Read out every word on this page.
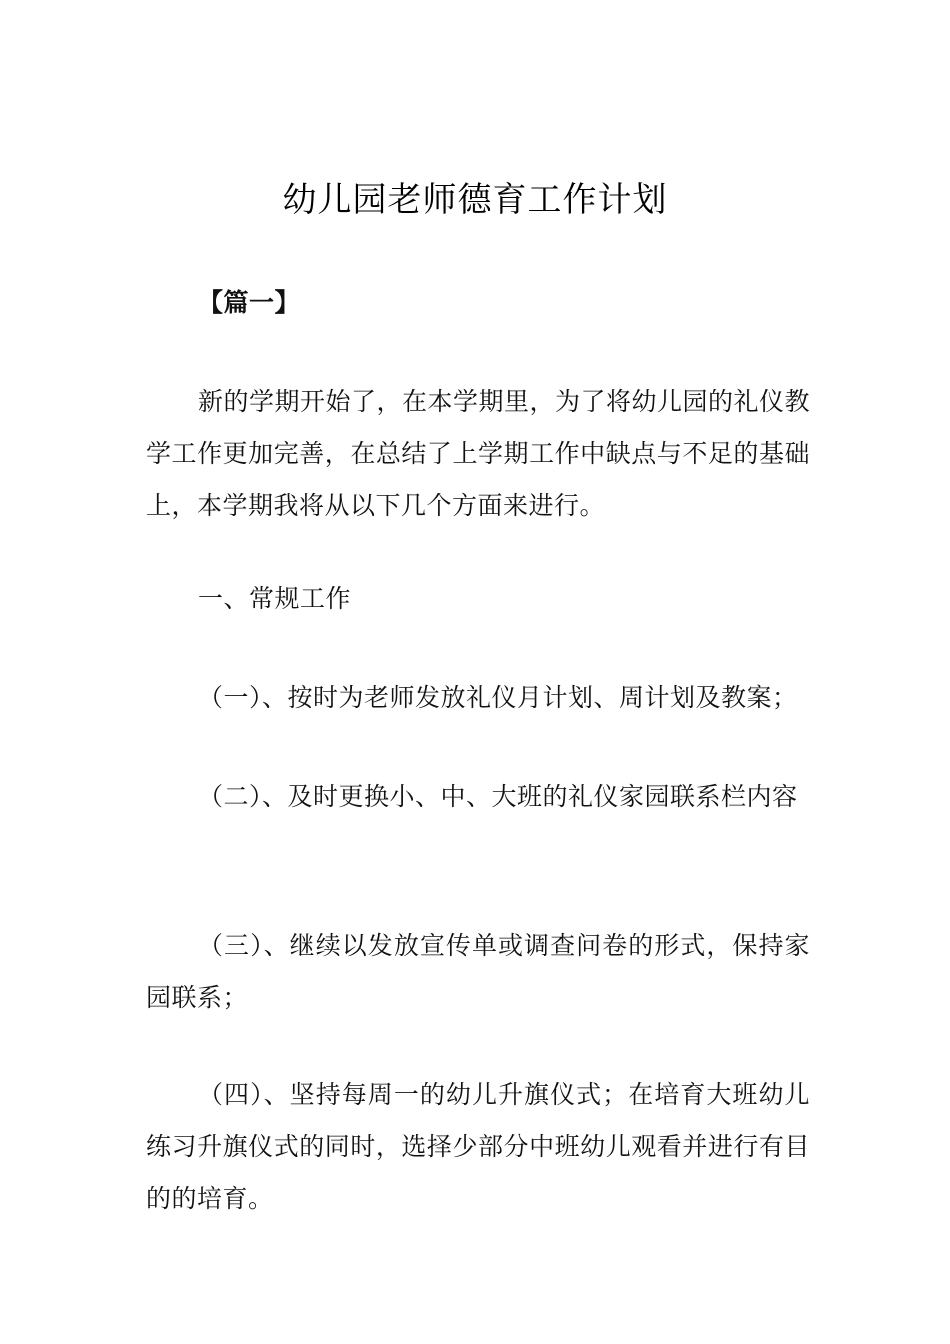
幼儿园老师德育工作计划

【篇一】

新的学期开始了，在本学期里，为了将幼儿园的礼仪教学工作更加完善，在总结了上学期工作中缺点与不足的基础上，本学期我将从以下几个方面来进行。

一、常规工作

（一）、按时为老师发放礼仪月计划、周计划及教案；

（二）、及时更换小、中、大班的礼仪家园联系栏内容

（三）、继续以发放宣传单或调查问卷的形式，保持家园联系；

（四）、坚持每周一的幼儿升旗仪式；在培育大班幼儿练习升旗仪式的同时，选择少部分中班幼儿观看并进行有目的的培育。
